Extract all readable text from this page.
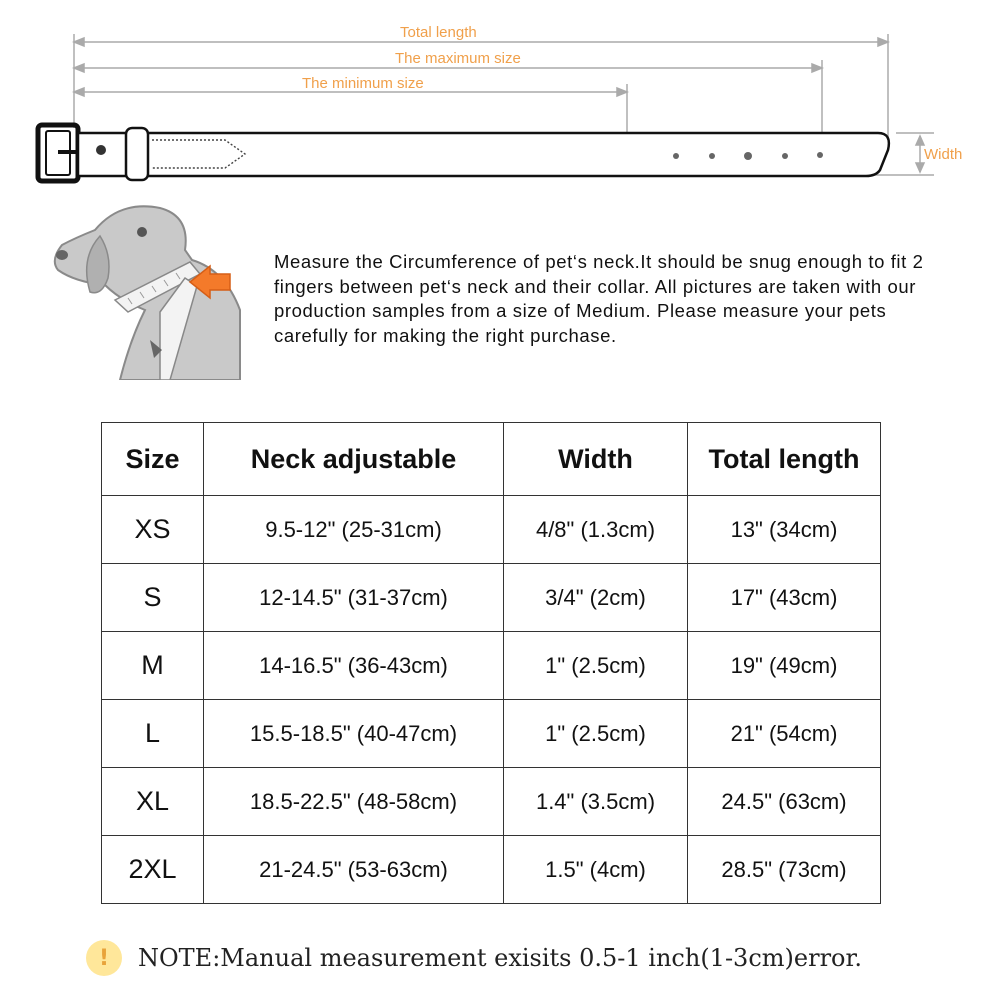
Total length
The maximum size
The minimum size
Width

Measure the Circumference of pet‘s neck.It should be snug enough to fit 2 fingers between pet‘s neck and their collar. All pictures are taken with our production samples from a size of Medium. Please measure your pets carefully for making the right purchase.

Size	Neck adjustable	Width	Total length
XS	9.5-12" (25-31cm)	4/8" (1.3cm)	13" (34cm)
S	12-14.5" (31-37cm)	3/4" (2cm)	17" (43cm)
M	14-16.5" (36-43cm)	1" (2.5cm)	19" (49cm)
L	15.5-18.5" (40-47cm)	1" (2.5cm)	21" (54cm)
XL	18.5-22.5" (48-58cm)	1.4" (3.5cm)	24.5" (63cm)
2XL	21-24.5" (53-63cm)	1.5" (4cm)	28.5" (73cm)
!	NOTE:Manual measurement exisits 0.5-1 inch(1-3cm)error.
